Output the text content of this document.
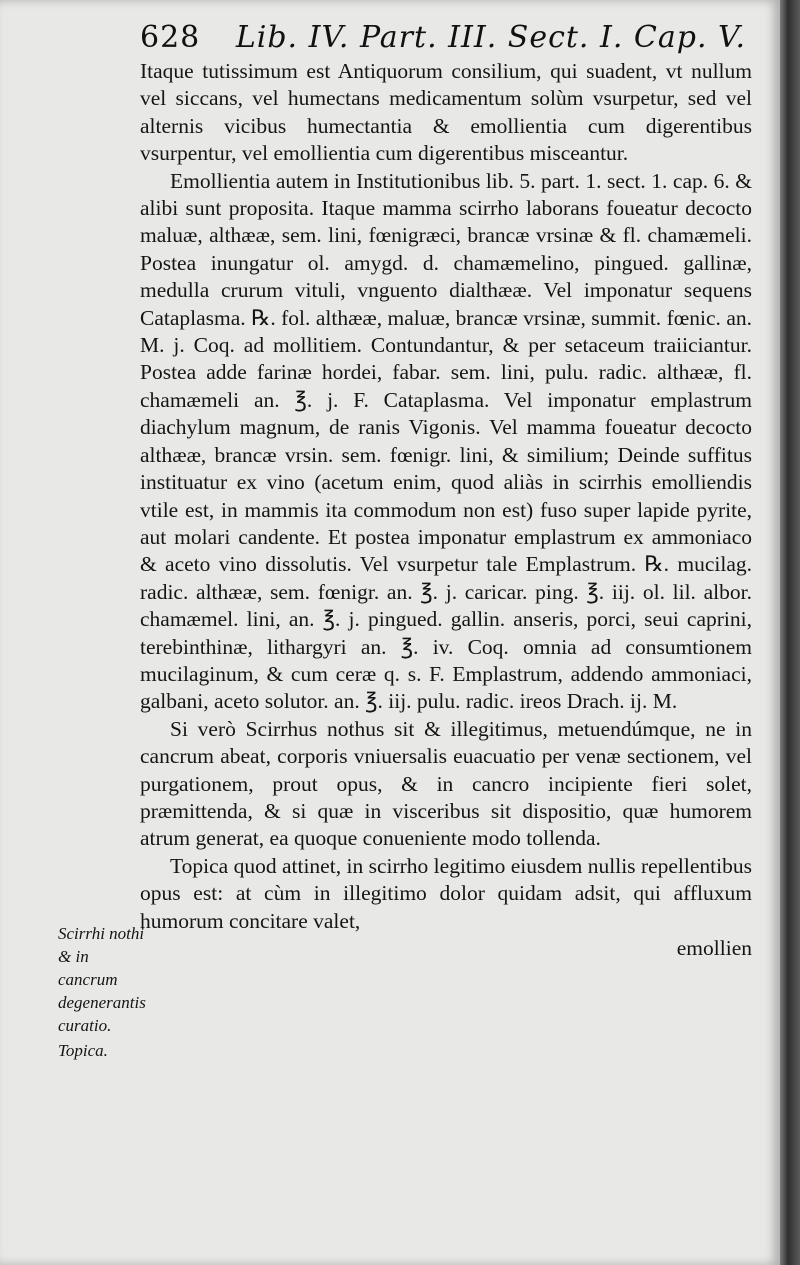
628 Lib. IV. Part. III. Sect. I. Cap. V.

Itaque tutissimum est Antiquorum consilium, qui suadent, vt nullum vel siccans, vel humectans medicamentum solùm vsurpetur, sed vel alternis vicibus humectantia & emollientia cum digerentibus vsurpentur, vel emollientia cum digerentibus misceantur.

Emollientia autem in Institutionibus lib. 5. part. 1. sect. 1. cap. 6. & alibi sunt proposita. Itaque mamma scirrho laborans foueatur decocto maluæ, althææ, sem. lini, fœnigræci, brancæ vrsinæ & fl. chamæmeli. Postea inungatur ol. amygd. d. chamæmelino, pingued. gallinæ, medulla crurum vituli, vnguento dialthææ. Vel imponatur sequens Cataplasma. ℞. fol. althææ, maluæ, brancæ vrsinæ, summit. fœnic. an. M. j. Coq. ad mollitiem. Contundantur, & per setaceum traiiciantur. Postea adde farinæ hordei, fabar. sem. lini, pulu. radic. althææ, fl. chamæmeli an. ℥. j. F. Cataplasma. Vel imponatur emplastrum diachylum magnum, de ranis Vigonis. Vel mamma foueatur decocto althææ, brancæ vrsin. sem. fœnigr. lini, & similium; Deinde suffitus instituatur ex vino (acetum enim, quod aliàs in scirrhis emolliendis vtile est, in mammis ita commodum non est) fuso super lapide pyrite, aut molari candente. Et postea imponatur emplastrum ex ammoniaco & aceto vino dissolutis. Vel vsurpetur tale Emplastrum. ℞. mucilag. radic. althææ, sem. fœnigr. an. ℥. j. caricar. ping. ℥. iij. ol. lil. albor. chamæmel. lini, an. ℥. j. pingued. gallin. anseris, porci, seui caprini, terebinthinæ, lithargyri an. ℥. iv. Coq. omnia ad consumtionem mucilaginum, & cum ceræ q. s. F. Emplastrum, addendo ammoniaci, galbani, aceto solutor. an. ℥. iij. pulu. radic. ireos Drach. ij. M.

Si verò Scirrhus nothus sit & illegitimus, metuendúmque, ne in cancrum abeat, corporis vniuersalis euacuatio per venæ sectionem, vel purgationem, prout opus, & in cancro incipiente fieri solet, præmittenda, & si quæ in visceribus sit dispositio, quæ humorem atrum generat, ea quoque conueniente modo tollenda.

Topica quod attinet, in scirrho legitimo eiusdem nullis repellentibus opus est: at cùm in illegitimo dolor quidam adsit, qui affluxum humorum concitare valet,

emollien

Scirrhi nothi & in cancrum degenerantis curatio.
Topica.
